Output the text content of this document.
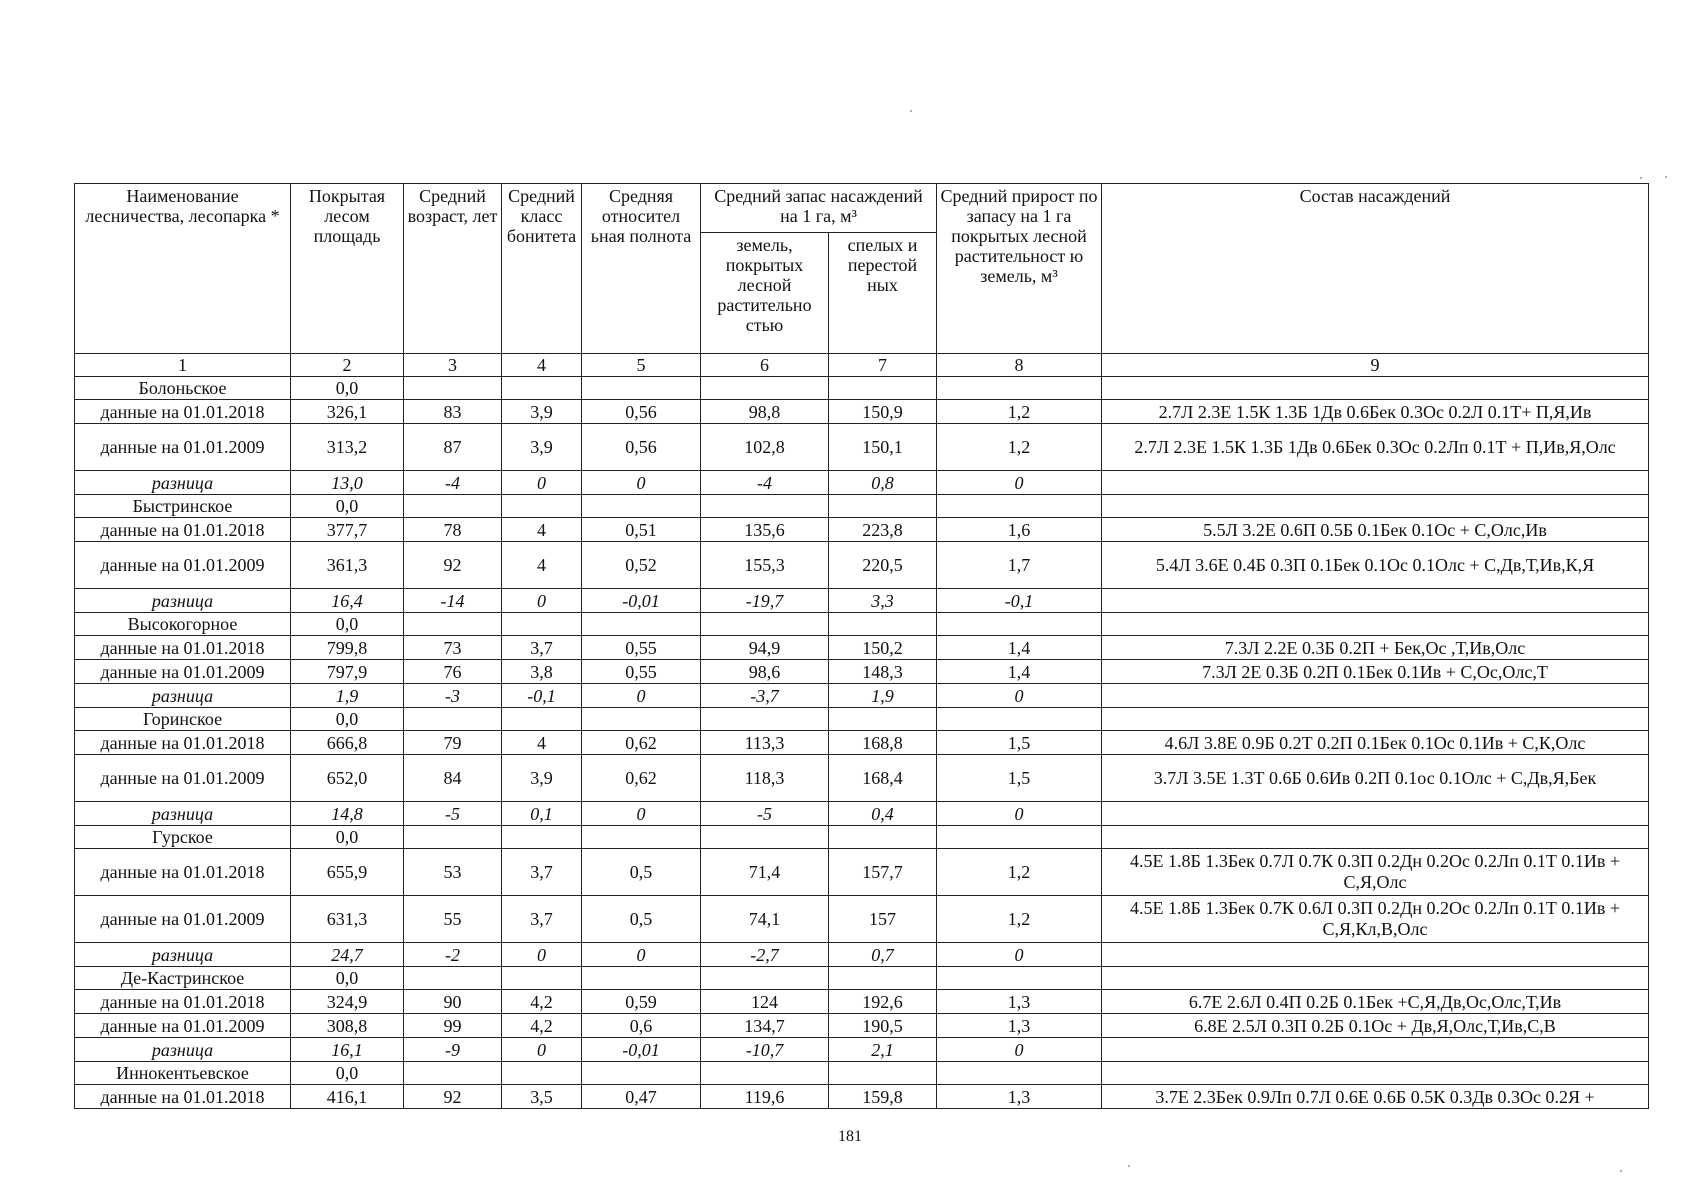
Наименование лесничества, лесопарка *	Покрытая лесом площадь	Средний возраст, лет	Средний класс бонитета	Средняя относител ьная полнота	Средний запас насаждений на 1 га, м³		Средний прирост по запасу на 1 га покрытых лесной растительност ю земель, м³	Состав насаждений
					земель, покрытых лесной растительно стью	спелых и перестой ных		
1	2	3	4	5	6	7	8	9
Болоньское	0,0							
данные на 01.01.2018	326,1	83	3,9	0,56	98,8	150,9	1,2	2.7Л 2.3Е 1.5К 1.3Б 1Дв 0.6Бек 0.3Ос 0.2Л 0.1Т+ П,Я,Ив
данные на 01.01.2009	313,2	87	3,9	0,56	102,8	150,1	1,2	2.7Л 2.3Е 1.5К 1.3Б 1Дв 0.6Бек 0.3Ос 0.2Лп 0.1Т + П,Ив,Я,Олс
разница	13,0	-4	0	0	-4	0,8	0	
Быстринское	0,0							
данные на 01.01.2018	377,7	78	4	0,51	135,6	223,8	1,6	5.5Л 3.2Е 0.6П 0.5Б 0.1Бек 0.1Ос + С,Олс,Ив
данные на 01.01.2009	361,3	92	4	0,52	155,3	220,5	1,7	5.4Л 3.6Е 0.4Б 0.3П 0.1Бек 0.1Ос 0.1Олс + С,Дв,Т,Ив,К,Я
разница	16,4	-14	0	-0,01	-19,7	3,3	-0,1	
Высокогорное	0,0							
данные на 01.01.2018	799,8	73	3,7	0,55	94,9	150,2	1,4	7.3Л 2.2Е 0.3Б 0.2П + Бек,Ос ,Т,Ив,Олс
данные на 01.01.2009	797,9	76	3,8	0,55	98,6	148,3	1,4	7.3Л 2Е 0.3Б 0.2П 0.1Бек 0.1Ив + С,Ос,Олс,Т
разница	1,9	-3	-0,1	0	-3,7	1,9	0	
Горинское	0,0							
данные на 01.01.2018	666,8	79	4	0,62	113,3	168,8	1,5	4.6Л 3.8Е 0.9Б 0.2Т 0.2П 0.1Бек 0.1Ос 0.1Ив + С,К,Олс
данные на 01.01.2009	652,0	84	3,9	0,62	118,3	168,4	1,5	3.7Л 3.5Е 1.3Т 0.6Б 0.6Ив 0.2П 0.1ос 0.1Олс + С,Дв,Я,Бек
разница	14,8	-5	0,1	0	-5	0,4	0	
Гурское	0,0							
данные на 01.01.2018	655,9	53	3,7	0,5	71,4	157,7	1,2	4.5Е 1.8Б 1.3Бек 0.7Л 0.7К 0.3П 0.2Дн 0.2Ос 0.2Лп 0.1Т 0.1Ив + С,Я,Олс
данные на 01.01.2009	631,3	55	3,7	0,5	74,1	157	1,2	4.5Е 1.8Б 1.3Бек 0.7К 0.6Л 0.3П 0.2Дн 0.2Ос 0.2Лп 0.1Т 0.1Ив + С,Я,Кл,В,Олс
разница	24,7	-2	0	0	-2,7	0,7	0	
Де-Кастринское	0,0							
данные на 01.01.2018	324,9	90	4,2	0,59	124	192,6	1,3	6.7Е 2.6Л 0.4П 0.2Б 0.1Бек +С,Я,Дв,Ос,Олс,Т,Ив
данные на 01.01.2009	308,8	99	4,2	0,6	134,7	190,5	1,3	6.8Е 2.5Л 0.3П 0.2Б 0.1Ос + Дв,Я,Олс,Т,Ив,С,В
разница	16,1	-9	0	-0,01	-10,7	2,1	0	
Иннокентьевское	0,0							
данные на 01.01.2018	416,1	92	3,5	0,47	119,6	159,8	1,3	3.7Е 2.3Бек 0.9Лп 0.7Л 0.6Е 0.6Б 0.5К 0.3Дв 0.3Ос 0.2Я +
181
